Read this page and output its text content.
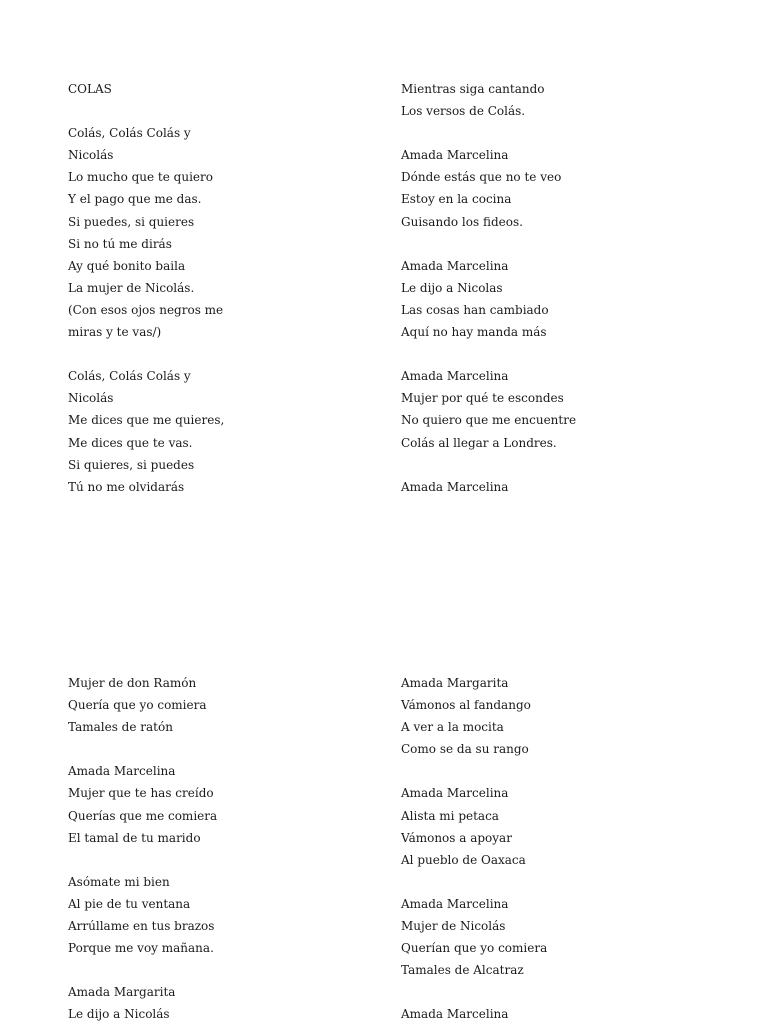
COLAS
Colás, Colás Colás y
Nicolás
Lo mucho que te quiero
Y el pago que me das.
Si puedes, si quieres
Si no tú me dirás
Ay qué bonito baila
La mujer de Nicolás.
(Con esos ojos negros me
miras y te vas/)
Colás, Colás Colás y
Nicolás
Me dices que me quieres,
Me dices que te vas.
Si quieres, si puedes
Tú no me olvidarás
Mientras siga cantando
Los versos de Colás.
Amada Marcelina
Dónde estás que no te veo
Estoy en la cocina
Guisando los fideos.
Amada Marcelina
Le dijo a Nicolas
Las cosas han cambiado
Aquí no hay manda más
Amada Marcelina
Mujer por qué te escondes
No quiero que me encuentre
Colás al llegar a Londres.
Amada Marcelina
Mujer de don Ramón
Quería que yo comiera
Tamales de ratón
Amada Marcelina
Mujer que te has creído
Querías que me comiera
El tamal de tu marido
Asómate mi bien
Al pie de tu ventana
Arrúllame en tus brazos
Porque me voy mañana.
Amada Margarita
Le dijo a Nicolás
Amada Margarita
Vámonos al fandango
A ver a la mocita
Como se da su rango
Amada Marcelina
Alista mi petaca
Vámonos a apoyar
Al pueblo de Oaxaca
Amada Marcelina
Mujer de Nicolás
Querían que yo comiera
Tamales de Alcatraz
Amada Marcelina
